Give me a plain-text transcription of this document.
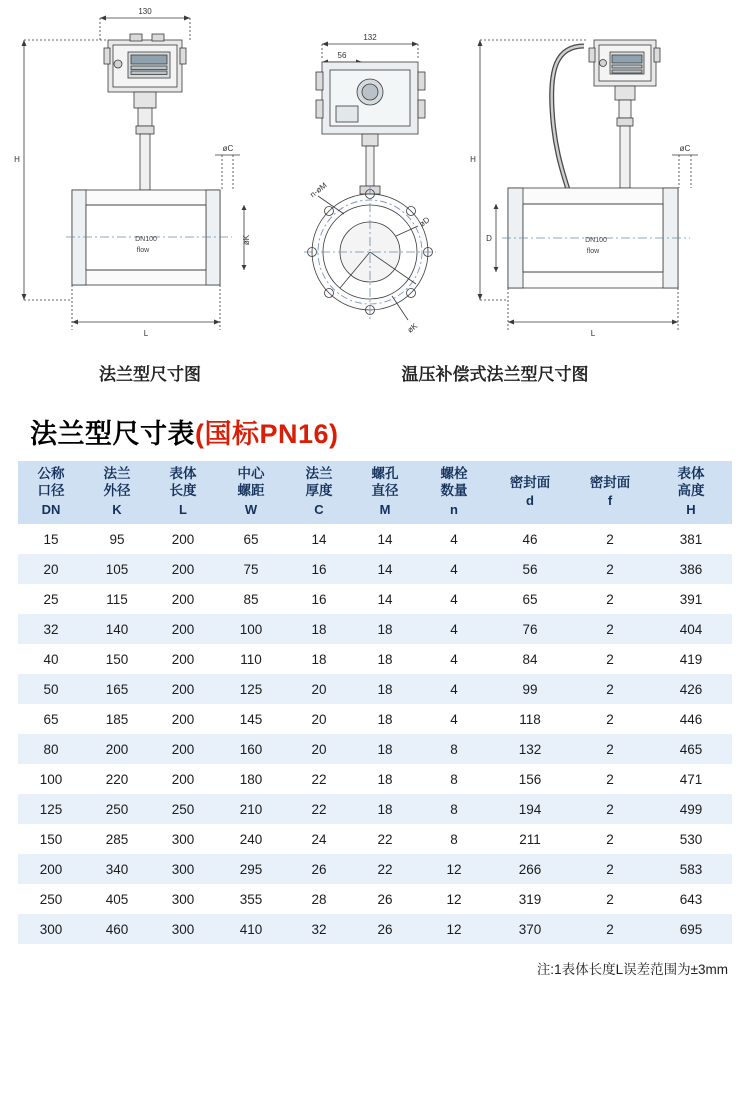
130
H
L
øC
øK
DN100
flow
132
56
n-øM
øD
øK
H
D
L
øC
DN100
flow
法兰型尺寸图	温压补偿式法兰型尺寸图
法兰型尺寸表(国标PN16)
公称
口径
DN	法兰
外径
K	表体
长度
L	中心
螺距
W	法兰
厚度
C	螺孔
直径
M	螺栓
数量
n	密封面
d	密封面
f	表体
高度
H

15	95	200	65	14	14	4	46	2	381
20	105	200	75	16	14	4	56	2	386
25	115	200	85	16	14	4	65	2	391
32	140	200	100	18	18	4	76	2	404
40	150	200	110	18	18	4	84	2	419
50	165	200	125	20	18	4	99	2	426
65	185	200	145	20	18	4	118	2	446
80	200	200	160	20	18	8	132	2	465
100	220	200	180	22	18	8	156	2	471
125	250	250	210	22	18	8	194	2	499
150	285	300	240	24	22	8	211	2	530
200	340	300	295	26	22	12	266	2	583
250	405	300	355	28	26	12	319	2	643
300	460	300	410	32	26	12	370	2	695
注:1表体长度L误差范围为±3mm
